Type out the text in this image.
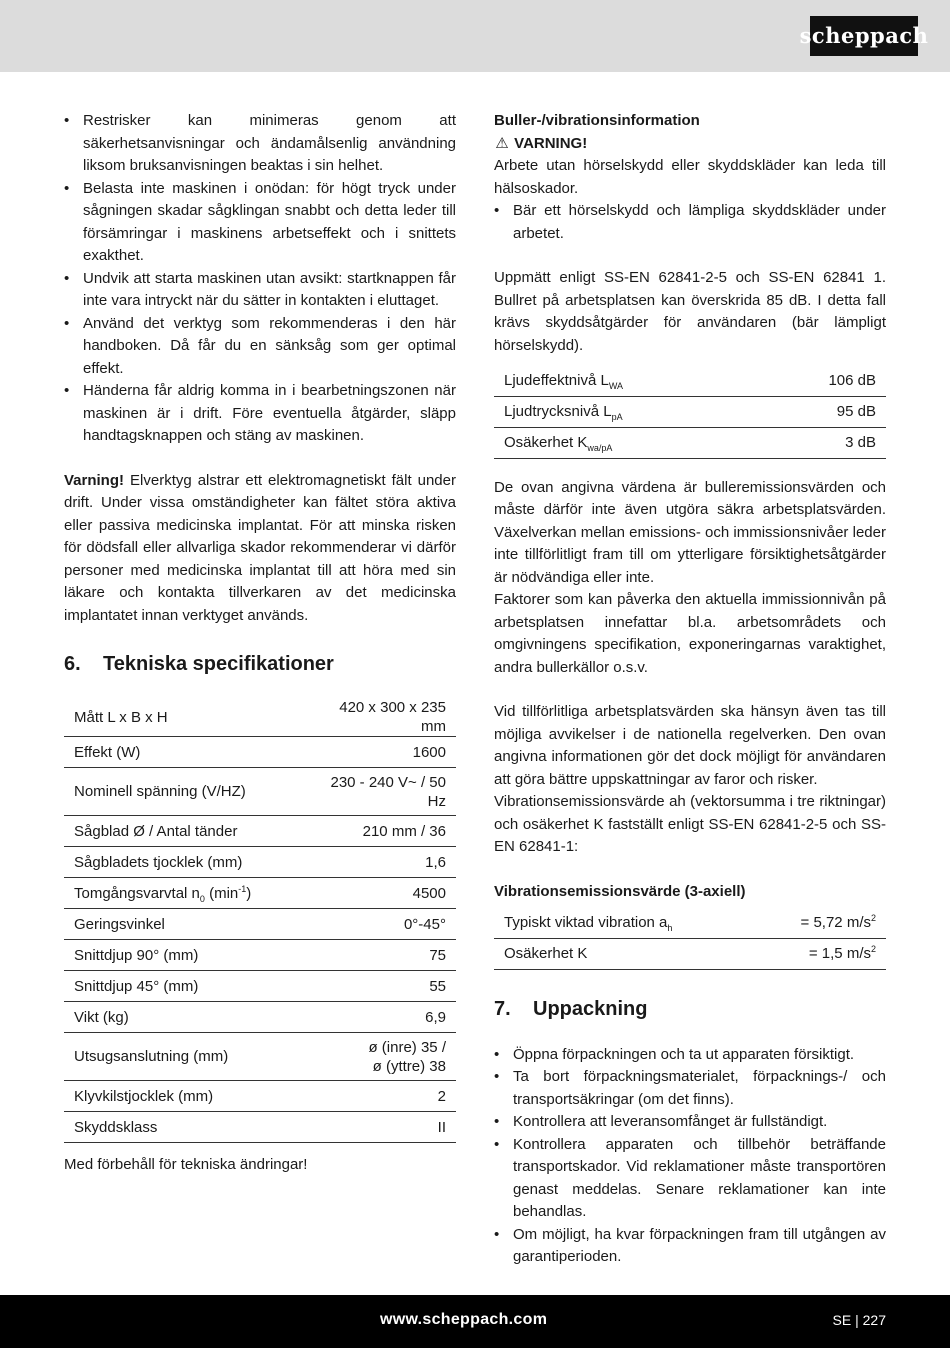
scheppach
• Restrisker kan minimeras genom att säkerhetsanvisningar och ändamålsenlig användning liksom bruksanvisningen beaktas i sin helhet.
• Belasta inte maskinen i onödan: för högt tryck under sågningen skadar sågklingan snabbt och detta leder till försämringar i maskinens arbetseffekt och i snittets exakthet.
• Undvik att starta maskinen utan avsikt: startknappen får inte vara intryckt när du sätter in kontakten i eluttaget.
• Använd det verktyg som rekommenderas i den här handboken. Då får du en sänksåg som ger optimal effekt.
• Händerna får aldrig komma in i bearbetningszonen när maskinen är i drift. Före eventuella åtgärder, släpp handtagsknappen och stäng av maskinen.

Varning! Elverktyg alstrar ett elektromagnetiskt fält under drift. Under vissa omständigheter kan fältet störa aktiva eller passiva medicinska implantat. För att minska risken för dödsfall eller allvarliga skador rekommenderar vi därför personer med medicinska implantat till att höra med sin läkare och kontakta tillverkaren av det medicinska implantatet innan verktyget används.

6.	Tekniska specifikationer
Mått L x B x H	420 x 300 x 235 mm
Effekt (W)	1600
Nominell spänning (V/HZ)	230 - 240 V~ / 50 Hz
Sågblad Ø / Antal tänder	210 mm / 36
Sågbladets tjocklek (mm)	1,6
Tomgångsvarvtal $n_0$ $(\min^{-1})$	4500
Geringsvinkel	0°-45°
Snittdjup 90° (mm)	75
Snittdjup 45° (mm)	55
Vikt (kg)	6,9
Utsugsanslutning (mm)	ø (inre) 35 /
ø (yttre) 38

Klyvkilstjocklek (mm)	2
Skyddsklass	II

Med förbehåll för tekniska ändringar!

Buller-/vibrationsinformation

⚠ VARNING!

Arbete utan hörselskydd eller skyddskläder kan leda till hälsoskador.

• Bär ett hörselskydd och lämpliga skyddskläder under arbetet.

Uppmätt enligt SS-EN 62841-2-5 och SS-EN 62841 1. Bullret på arbetsplatsen kan överskrida 85 dB. I detta fall krävs skyddsåtgärder för användaren (bär lämpligt hörselskydd).

Ljudeffektnivå $L_{WA}$	106 dB
Ljudtrycksnivå $L_{pA}$	95 dB
Osäkerhet $K_{wa/pA}$	3 dB

De ovan angivna värdena är bulleremissionsvärden och måste därför inte även utgöra säkra arbetsplatsvärden. Växelverkan mellan emissions- och immissionsnivåer leder inte tillförlitligt fram till om ytterligare försiktighetsåtgärder är nödvändiga eller inte.

Faktorer som kan påverka den aktuella immissionnivån på arbetsplatsen innefattar bl.a. arbetsområdets och omgivningens specifikation, exponeringarnas varaktighet, andra bullerkällor o.s.v.

Vid tillförlitliga arbetsplatsvärden ska hänsyn även tas till möjliga avvikelser i de nationella regelverken. Den ovan angivna informationen gör det dock möjligt för användaren att göra bättre uppskattningar av faror och risker.

Vibrationsemissionsvärde ah (vektorsumma i tre riktningar) och osäkerhet K fastställt enligt SS-EN 62841-2-5 och SS-EN 62841-1:

Vibrationsemissionsvärde (3-axiell)

Typiskt viktad vibration $a_h$	= 5,72 $m/s^2$
Osäkerhet K	= 1,5 $m/s^2$
7.	Uppackning
• Öppna förpackningen och ta ut apparaten försiktigt.
• Ta bort förpackningsmaterialet, förpacknings-/ och transportsäkringar (om det finns).
• Kontrollera att leveransomfånget är fullständigt.
• Kontrollera apparaten och tillbehör beträffande transportskador. Vid reklamationer måste transportören genast meddelas. Senare reklamationer kan inte behandlas.
• Om möjligt, ha kvar förpackningen fram till utgången av garantiperioden.
www.scheppach.com	SE | 227
